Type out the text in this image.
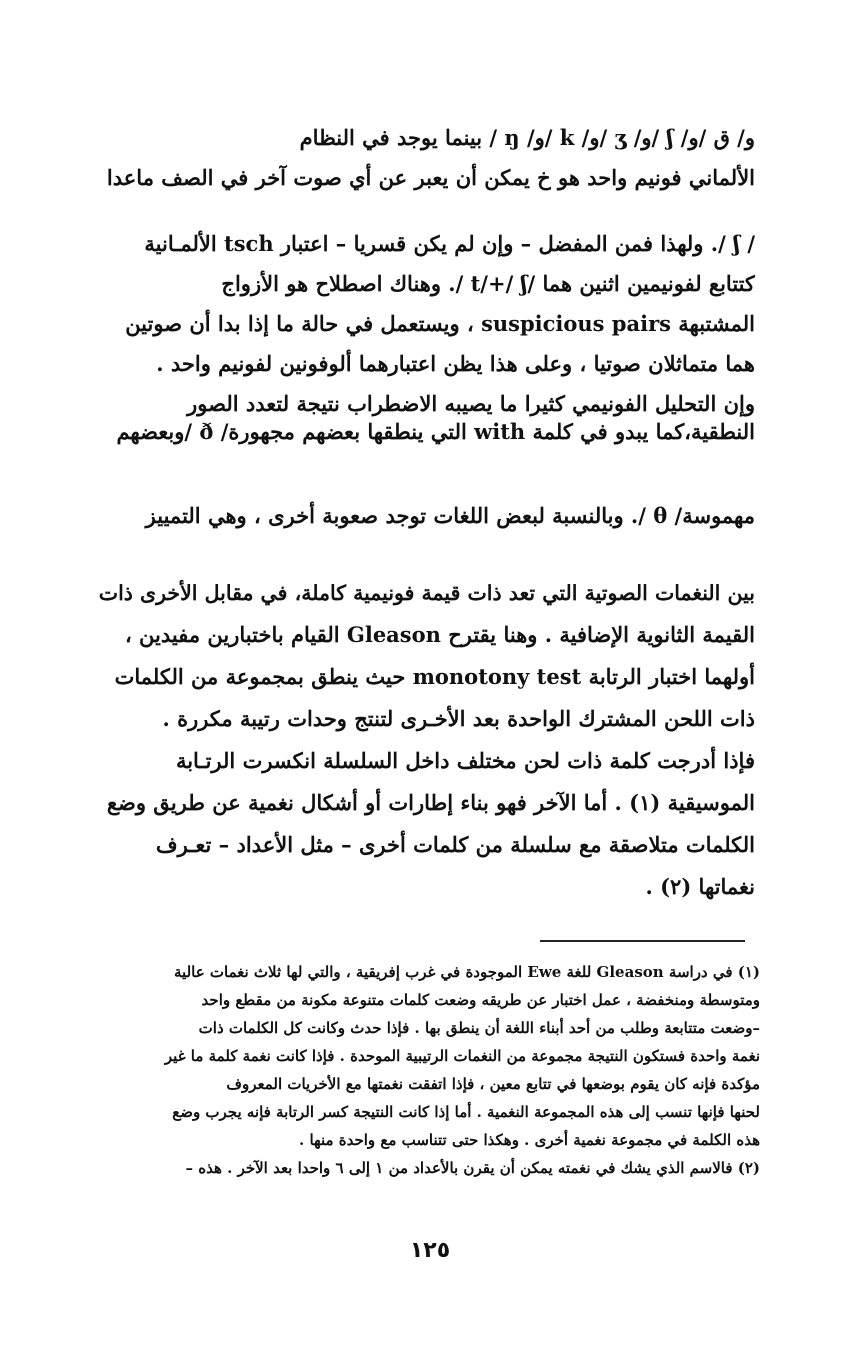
و/ ق /و/ ʃ /و/ ʒ /و/ k /و/ ŋ / بينما يوجد في النظام
الألماني فونيم واحد هو خ يمكن أن يعبر عن أي صوت آخر في الصف ماعدا
/ ʃ /. ولهذا فمن المفضل – وإن لم يكن قسريا – اعتبار tsch الألمـانية
كتتابع لفونيمين اثنين هما /t/+/ ʃ /. وهناك اصطلاح هو الأزواج
المشتبهة suspicious pairs ، ويستعمل في حالة ما إذا بدا أن صوتين
هما متماثلان صوتيا ، وعلى هذا يظن اعتبارهما ألوفونين لفونيم واحد .
وإن التحليل الفونيمي كثيرا ما يصيبه الاضطراب نتيجة لتعدد الصور
النطقية،كما يبدو في كلمة with التي ينطقها بعضهم مجهورة/ ð /وبعضهم
مهموسة/ θ /. وبالنسبة لبعض اللغات توجد صعوبة أخرى ، وهي التمييز
بين النغمات الصوتية التي تعد ذات قيمة فونيمية كاملة، في مقابل الأخرى ذات
القيمة الثانوية الإضافية . وهنا يقترح Gleason القيام باختبارين مفيدين ،
أولهما اختبار الرتابة monotony test حيث ينطق بمجموعة من الكلمات
ذات اللحن المشترك الواحدة بعد الأخـرى لتنتج وحدات رتيبة مكررة .
فإذا أدرجت كلمة ذات لحن مختلف داخل السلسلة انكسرت الرتـابة
الموسيقية (١) . أما الآخر فهو بناء إطارات أو أشكال نغمية عن طريق وضع
الكلمات متلاصقة مع سلسلة من كلمات أخرى – مثل الأعداد – تعـرف
نغماتها (٢) .
(١) في دراسة Gleason للغة Ewe الموجودة في غرب إفريقية ، والتي لها ثلاث نغمات عالية
ومتوسطة ومنخفضة ، عمل اختبار عن طريقه وضعت كلمات متنوعة مكونة من مقطع واحد
–وضعت متتابعة وطلب من أحد أبناء اللغة أن ينطق بها . فإذا حدث وكانت كل الكلمات ذات
نغمة واحدة فستكون النتيجة مجموعة من النغمات الرتيبية الموحدة . فإذا كانت نغمة كلمة ما غير
مؤكدة فإنه كان يقوم بوضعها في تتابع معين ، فإذا اتفقت نغمتها مع الأخريات المعروف
لحنها فإنها تنسب إلى هذه المجموعة النغمية . أما إذا كانت النتيجة كسر الرتابة فإنه يجرب وضع
هذه الكلمة في مجموعة نغمية أخرى . وهكذا حتى تتناسب مع واحدة منها .
(٢) فالاسم الذي يشك في نغمته يمكن أن يقرن بالأعداد من ١ إلى ٦ واحدا بعد الآخر . هذه –
١٢٥
